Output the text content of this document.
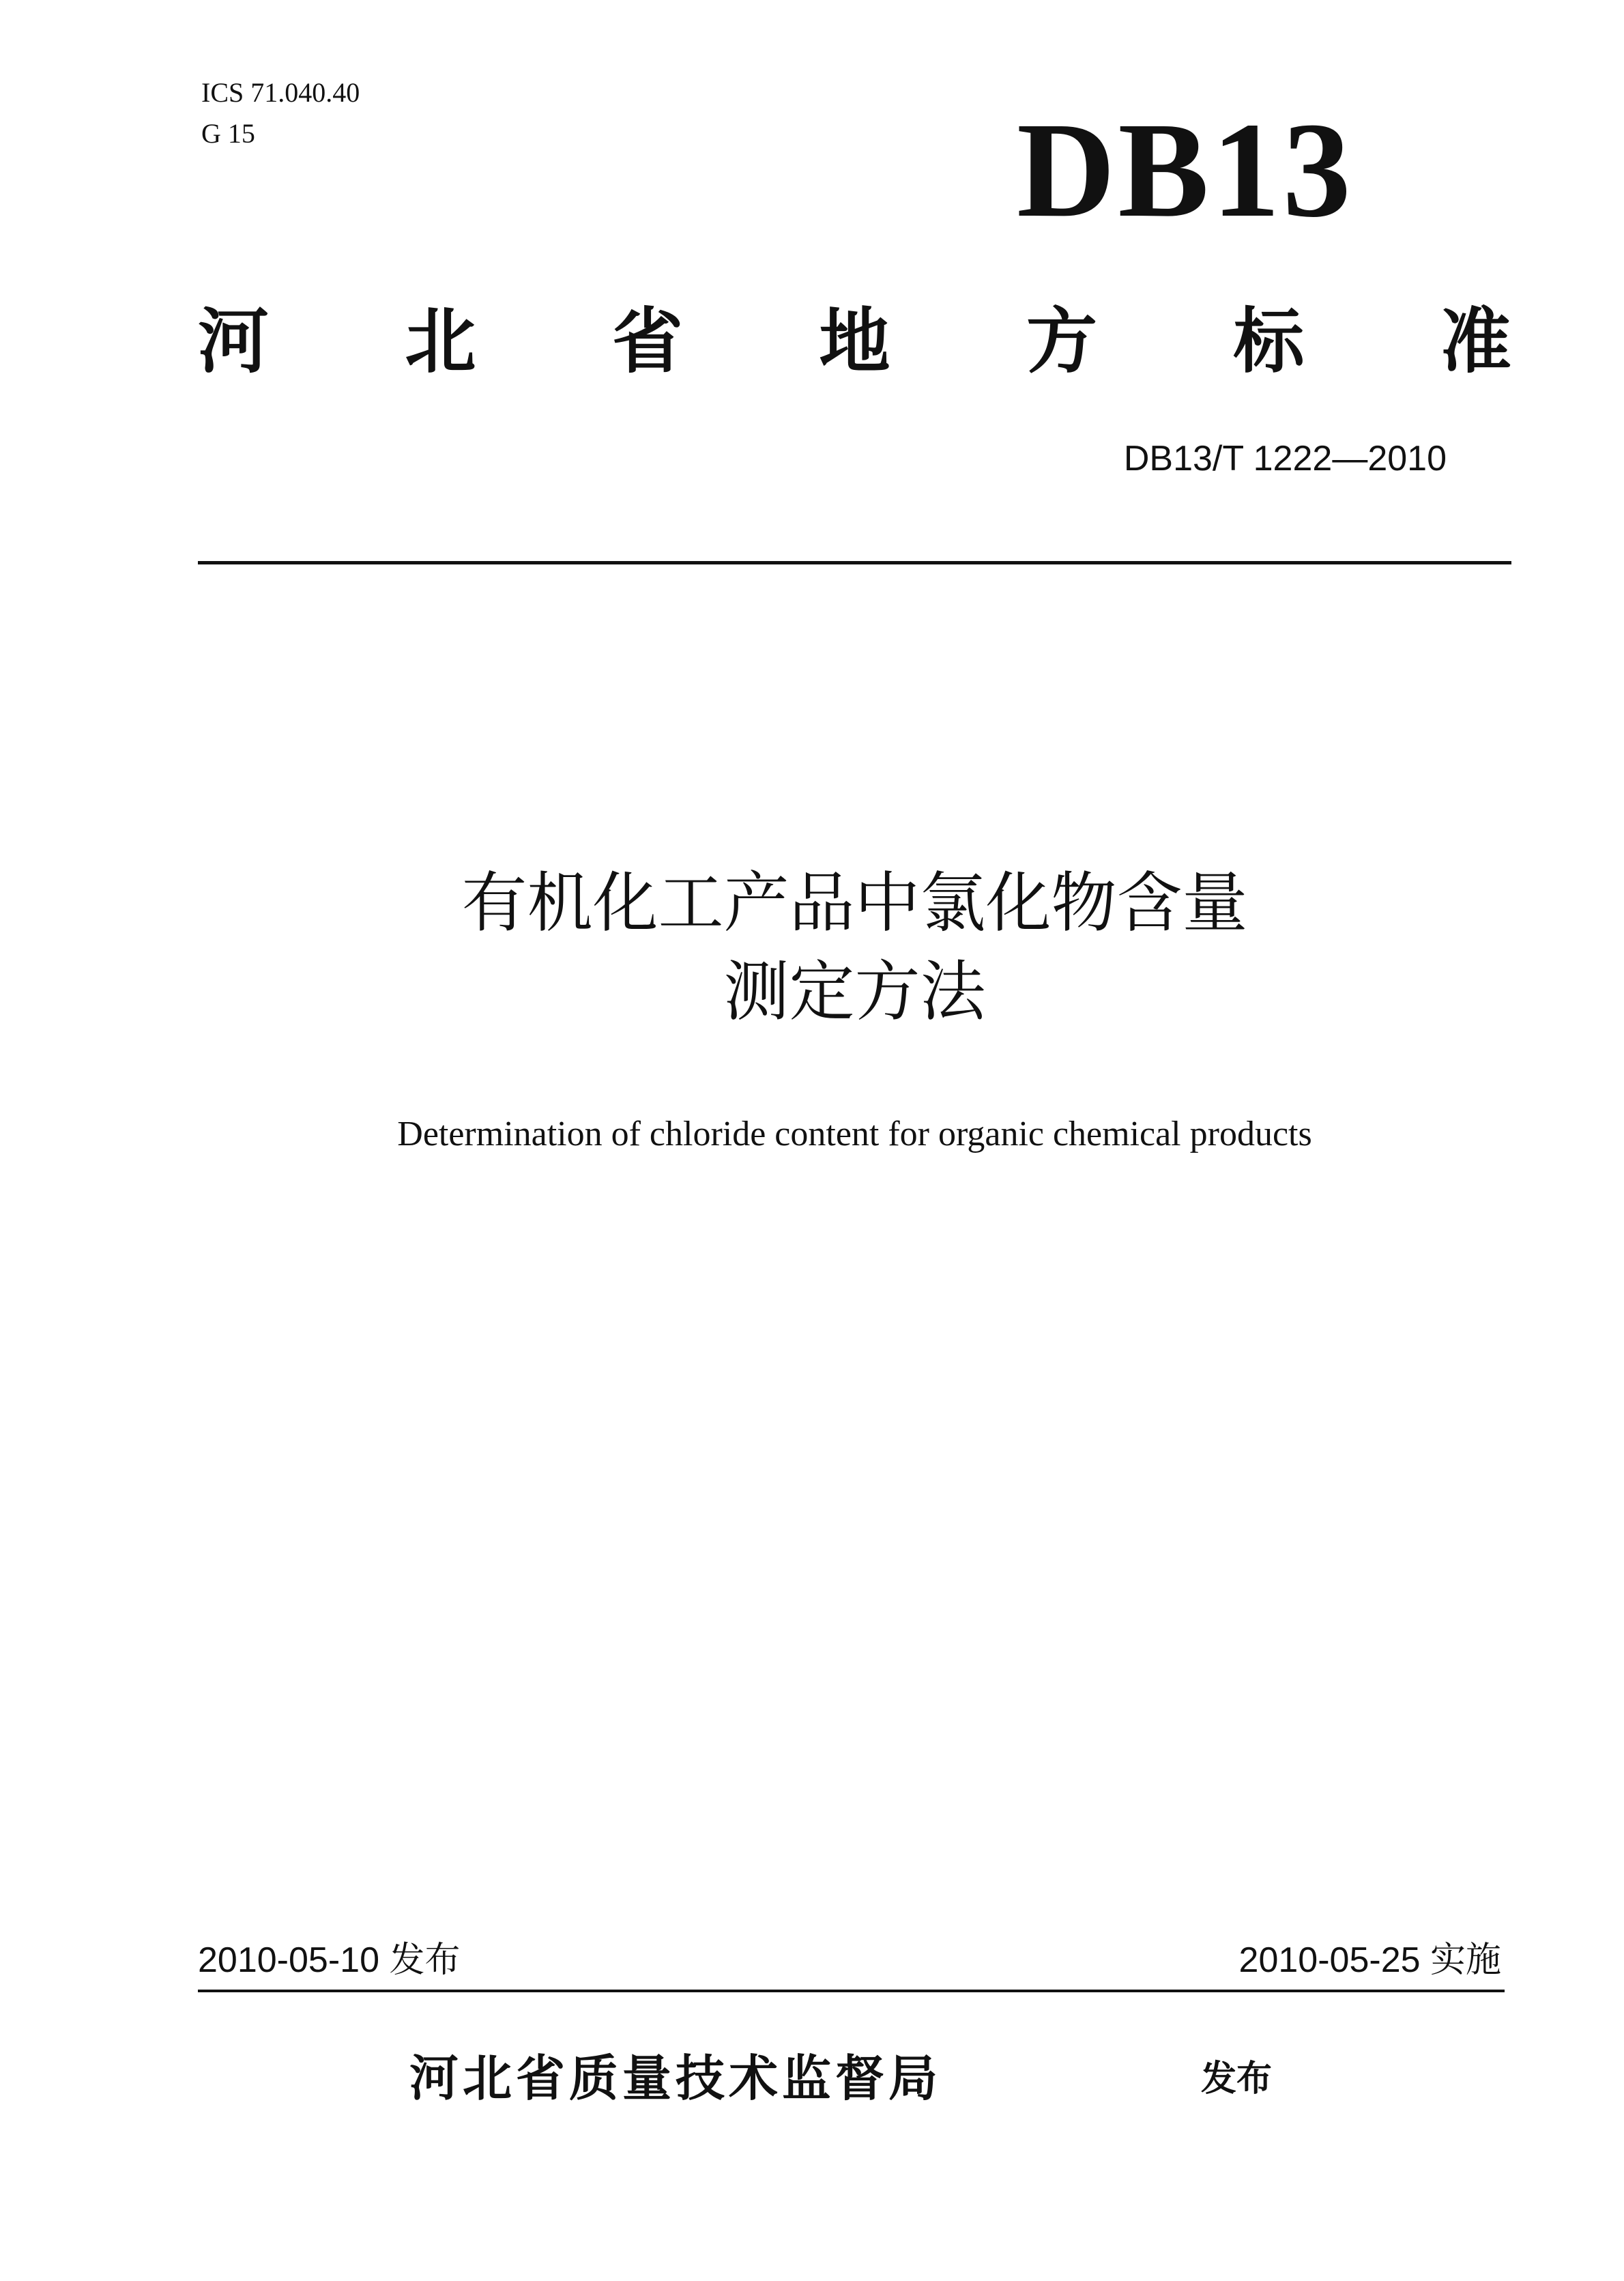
ICS 71.040.40
G 15	DB13
河 北 省 地 方 标 准
DB13/T 1222—2010
有机化工产品中氯化物含量
测定方法
Determination of chloride content for organic chemical products
2010-05-10 发布	2010-05-25 实施
河北省质量技术监督局	发布
